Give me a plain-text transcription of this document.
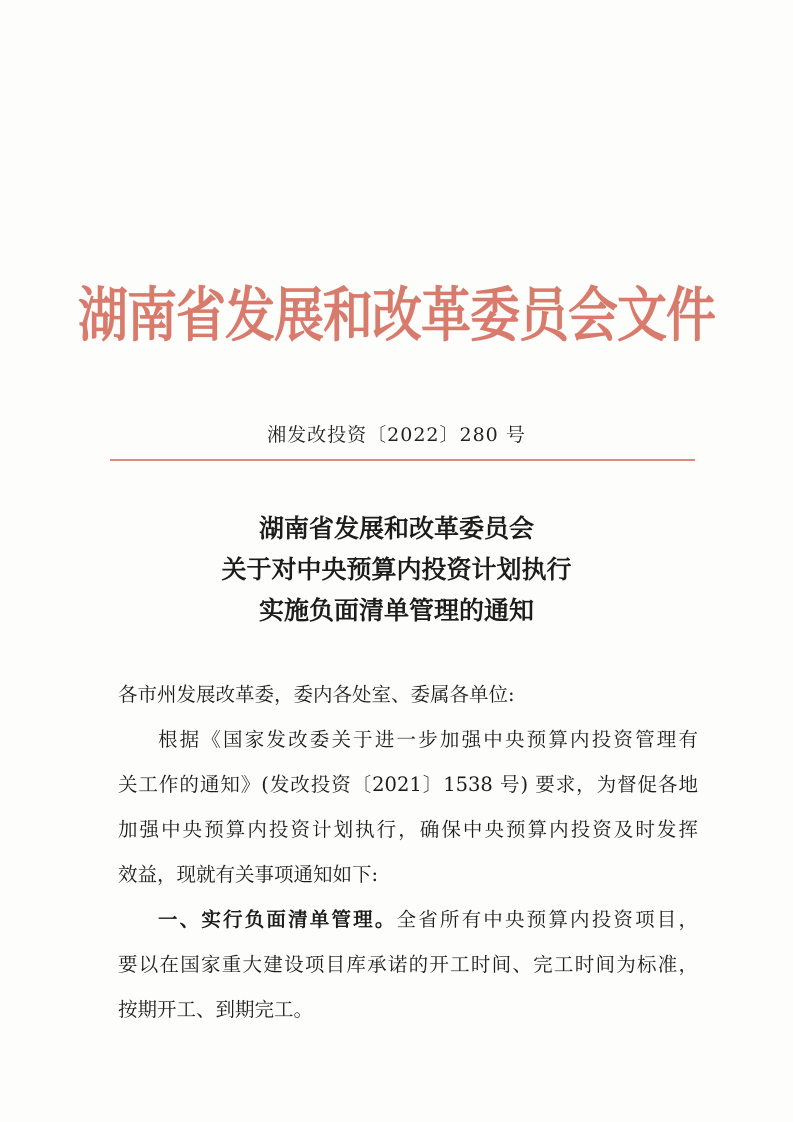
湖南省发展和改革委员会文件
湘发改投资〔2022〕280 号
湖南省发展和改革委员会
关于对中央预算内投资计划执行
实施负面清单管理的通知
各市州发展改革委，委内各处室、委属各单位:
根据《国家发改委关于进一步加强中央预算内投资管理有
关工作的通知》(发改投资〔2021〕1538 号) 要求，为督促各地
加强中央预算内投资计划执行，确保中央预算内投资及时发挥
效益，现就有关事项通知如下:
一、实行负面清单管理。全省所有中央预算内投资项目，
要以在国家重大建设项目库承诺的开工时间、完工时间为标准，
按期开工、到期完工。
